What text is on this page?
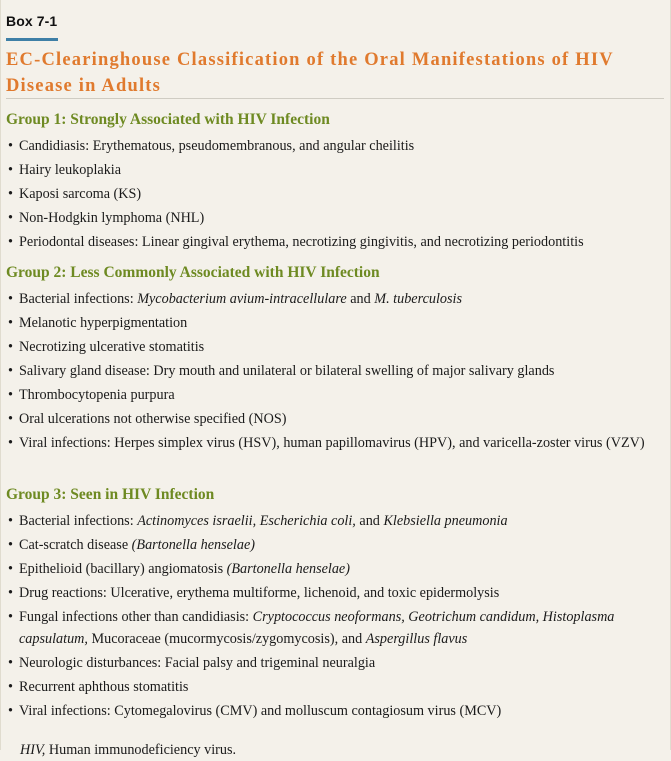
Box 7-1
EC-Clearinghouse Classification of the Oral Manifestations of HIV Disease in Adults
Group 1: Strongly Associated with HIV Infection
• Candidiasis: Erythematous, pseudomembranous, and angular cheilitis
• Hairy leukoplakia
• Kaposi sarcoma (KS)
• Non-Hodgkin lymphoma (NHL)
• Periodontal diseases: Linear gingival erythema, necrotizing gingivitis, and necrotizing periodontitis
Group 2: Less Commonly Associated with HIV Infection
• Bacterial infections: Mycobacterium avium-intracellulare and M. tuberculosis
• Melanotic hyperpigmentation
• Necrotizing ulcerative stomatitis
• Salivary gland disease: Dry mouth and unilateral or bilateral swelling of major salivary glands
• Thrombocytopenia purpura
• Oral ulcerations not otherwise specified (NOS)
• Viral infections: Herpes simplex virus (HSV), human papillomavirus (HPV), and varicella-zoster virus (VZV)
Group 3: Seen in HIV Infection
• Bacterial infections: Actinomyces israelii, Escherichia coli, and Klebsiella pneumonia
• Cat-scratch disease (Bartonella henselae)
• Epithelioid (bacillary) angiomatosis (Bartonella henselae)
• Drug reactions: Ulcerative, erythema multiforme, lichenoid, and toxic epidermolysis
• Fungal infections other than candidiasis: Cryptococcus neoformans, Geotrichum candidum, Histoplasma capsulatum, Mucoraceae (mucormycosis/zygomycosis), and Aspergillus flavus
• Neurologic disturbances: Facial palsy and trigeminal neuralgia
• Recurrent aphthous stomatitis
• Viral infections: Cytomegalovirus (CMV) and molluscum contagiosum virus (MCV)

HIV, Human immunodeficiency virus.
